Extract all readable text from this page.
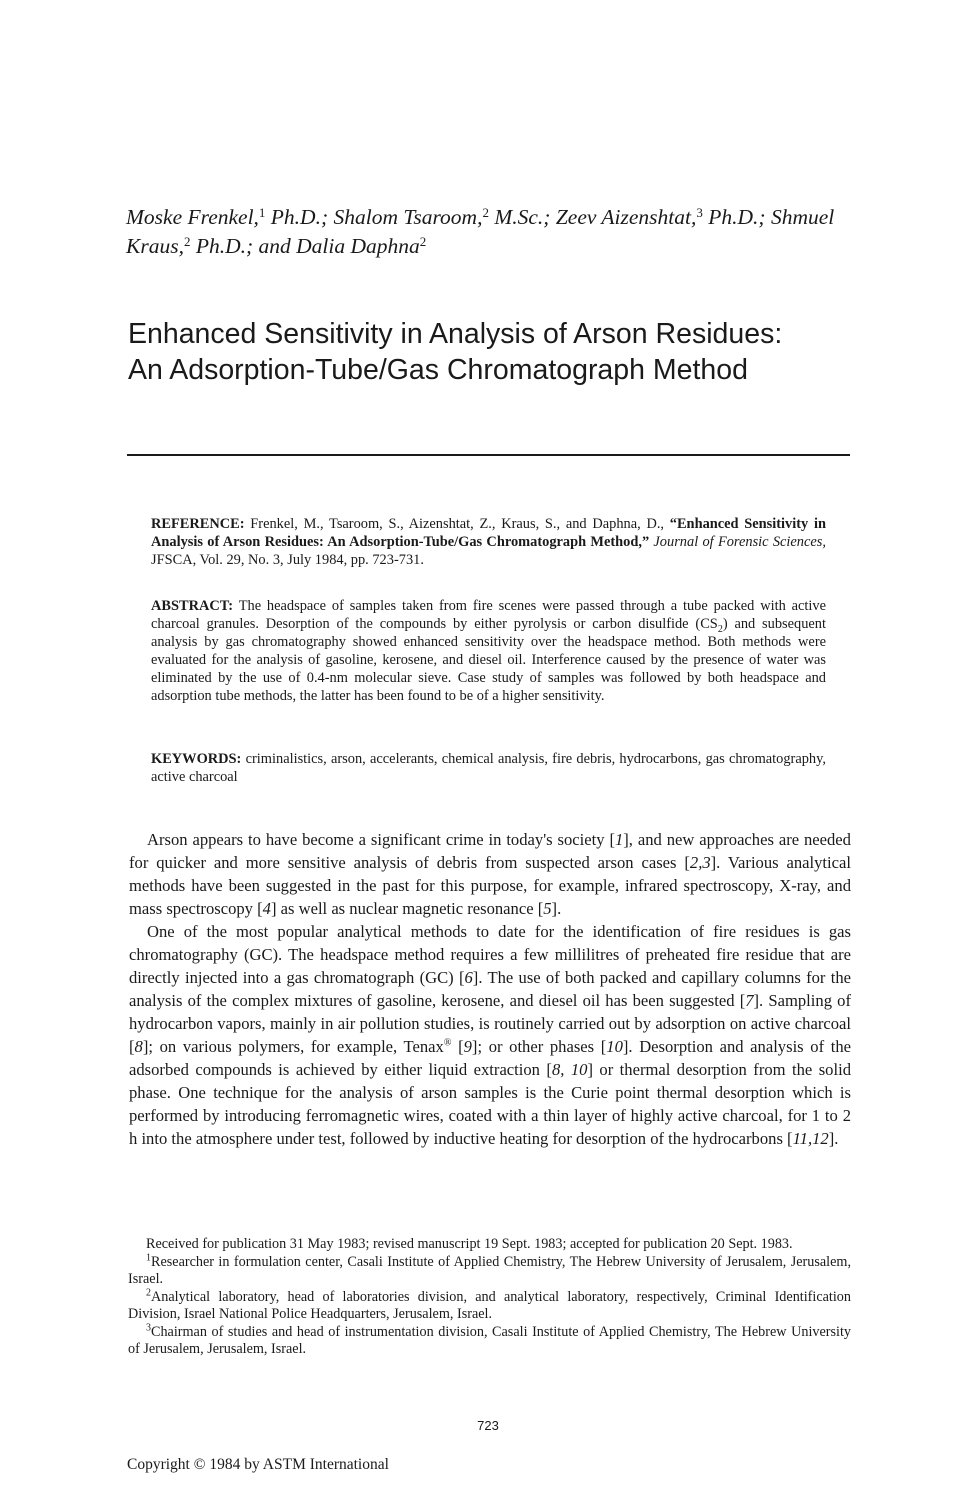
Moske Frenkel,$^1$ Ph.D.; Shalom Tsaroom,$^2$ M.Sc.; Zeev Aizenshtat,$^3$ Ph.D.; Shmuel Kraus,$^2$ Ph.D.; and Dalia Daphna$^2$
Enhanced Sensitivity in Analysis of Arson Residues:
An Adsorption-Tube/Gas Chromatograph Method
REFERENCE: Frenkel, M., Tsaroom, S., Aizenshtat, Z., Kraus, S., and Daphna, D., “Enhanced Sensitivity in Analysis of Arson Residues: An Adsorption-Tube/Gas Chromatograph Method,” Journal of Forensic Sciences, JFSCA, Vol. 29, No. 3, July 1984, pp. 723-731.
ABSTRACT: The headspace of samples taken from fire scenes were passed through a tube packed with active charcoal granules. Desorption of the compounds by either pyrolysis or carbon disulfide $(CS_2)$ and subsequent analysis by gas chromatography showed enhanced sensitivity over the headspace method. Both methods were evaluated for the analysis of gasoline, kerosene, and diesel oil. Interference caused by the presence of water was eliminated by the use of 0.4-nm molecular sieve. Case study of samples was followed by both headspace and adsorption tube methods, the latter has been found to be of a higher sensitivity.
KEYWORDS: criminalistics, arson, accelerants, chemical analysis, fire debris, hydrocarbons, gas chromatography, active charcoal

Arson appears to have become a significant crime in today's society [1], and new approaches are needed for quicker and more sensitive analysis of debris from suspected arson cases [2,3]. Various analytical methods have been suggested in the past for this purpose, for example, infrared spectroscopy, X-ray, and mass spectroscopy [4] as well as nuclear magnetic resonance [5].

One of the most popular analytical methods to date for the identification of fire residues is gas chromatography (GC). The headspace method requires a few millilitres of preheated fire residue that are directly injected into a gas chromatograph (GC) [6]. The use of both packed and capillary columns for the analysis of the complex mixtures of gasoline, kerosene, and diesel oil has been suggested [7]. Sampling of hydrocarbon vapors, mainly in air pollution studies, is routinely carried out by adsorption on active charcoal [8]; on various polymers, for example, Tenax® [9]; or other phases [10]. Desorption and analysis of the adsorbed compounds is achieved by either liquid extraction [8, 10] or thermal desorption from the solid phase. One technique for the analysis of arson samples is the Curie point thermal desorption which is performed by introducing ferromagnetic wires, coated with a thin layer of highly active charcoal, for 1 to 2 h into the atmosphere under test, followed by inductive heating for desorption of the hydrocarbons [11,12].

Received for publication 31 May 1983; revised manuscript 19 Sept. 1983; accepted for publication 20 Sept. 1983.

$^1$Researcher in formulation center, Casali Institute of Applied Chemistry, The Hebrew University of Jerusalem, Jerusalem, Israel.

$^2$Analytical laboratory, head of laboratories division, and analytical laboratory, respectively, Criminal Identification Division, Israel National Police Headquarters, Jerusalem, Israel.

$^3$Chairman of studies and head of instrumentation division, Casali Institute of Applied Chemistry, The Hebrew University of Jerusalem, Jerusalem, Israel.

723
Copyright © 1984 by ASTM International
